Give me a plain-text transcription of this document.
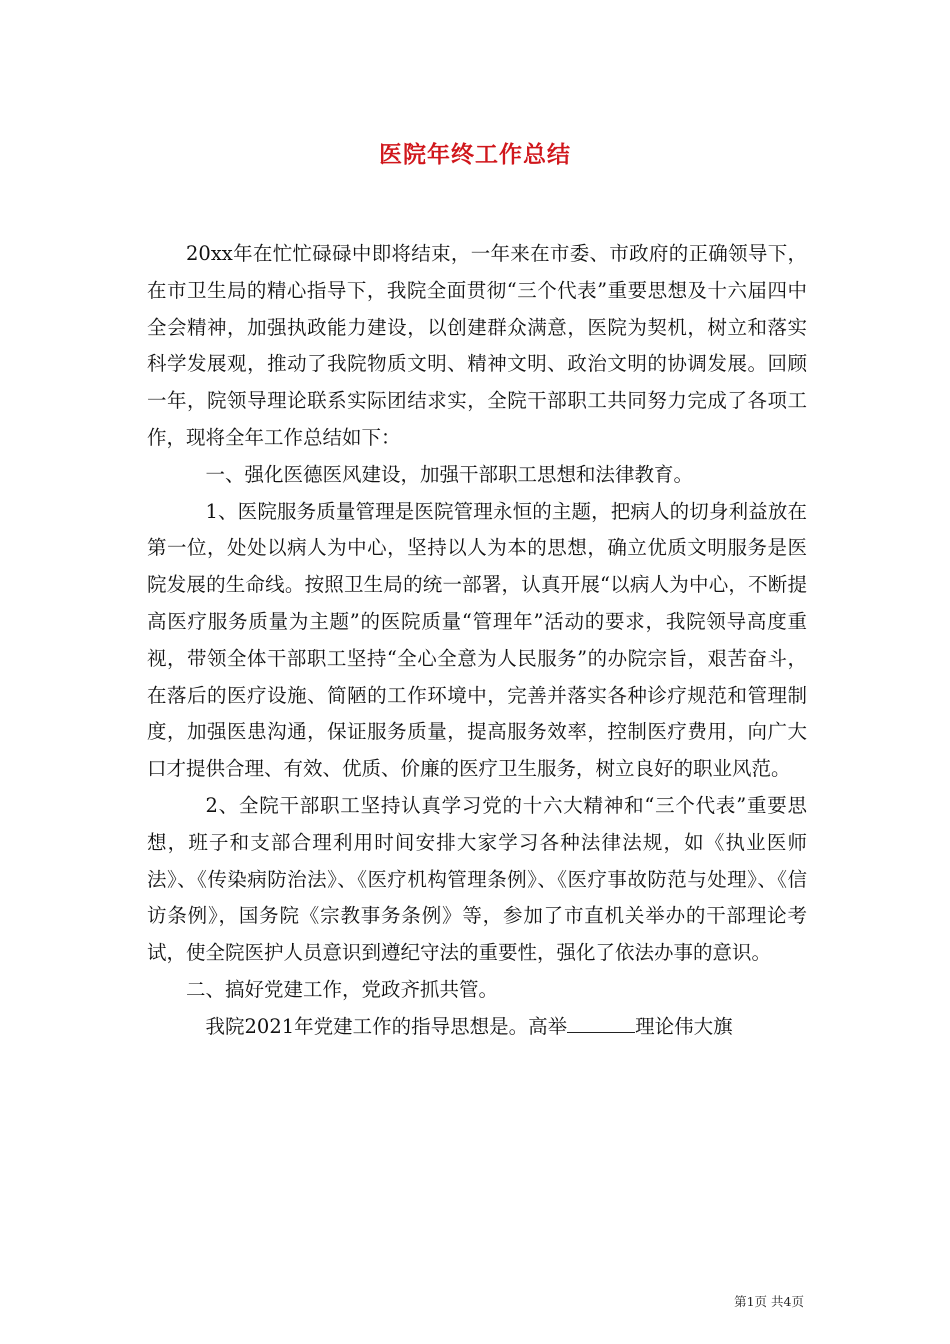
医院年终工作总结

20xx年在忙忙碌碌中即将结束，一年来在市委、市政府的正确领导下，在市卫生局的精心指导下，我院全面贯彻“三个代表”重要思想及十六届四中全会精神，加强执政能力建设，以创建群众满意，医院为契机，树立和落实科学发展观，推动了我院物质文明、精神文明、政治文明的协调发展。回顾一年，院领导理论联系实际团结求实，全院干部职工共同努力完成了各项工作，现将全年工作总结如下：

一、强化医德医风建设，加强干部职工思想和法律教育。

1、医院服务质量管理是医院管理永恒的主题，把病人的切身利益放在第一位，处处以病人为中心，坚持以人为本的思想，确立优质文明服务是医院发展的生命线。按照卫生局的统一部署，认真开展“以病人为中心，不断提高医疗服务质量为主题”的医院质量“管理年”活动的要求，我院领导高度重视，带领全体干部职工坚持“全心全意为人民服务”的办院宗旨，艰苦奋斗，在落后的医疗设施、简陋的工作环境中，完善并落实各种诊疗规范和管理制度，加强医患沟通，保证服务质量，提高服务效率，控制医疗费用，向广大口才提供合理、有效、优质、价廉的医疗卫生服务，树立良好的职业风范。

2、全院干部职工坚持认真学习党的十六大精神和“三个代表”重要思想，班子和支部合理利用时间安排大家学习各种法律法规，如《执业医师法》、《传染病防治法》、《医疗机构管理条例》、《医疗事故防范与处理》、《信访条例》，国务院《宗教事务条例》等，参加了市直机关举办的干部理论考试，使全院医护人员意识到遵纪守法的重要性，强化了依法办事的意识。

二、搞好党建工作，党政齐抓共管。

我院2021年党建工作的指导思想是。高举	理论伟大旗

第1页 共4页
